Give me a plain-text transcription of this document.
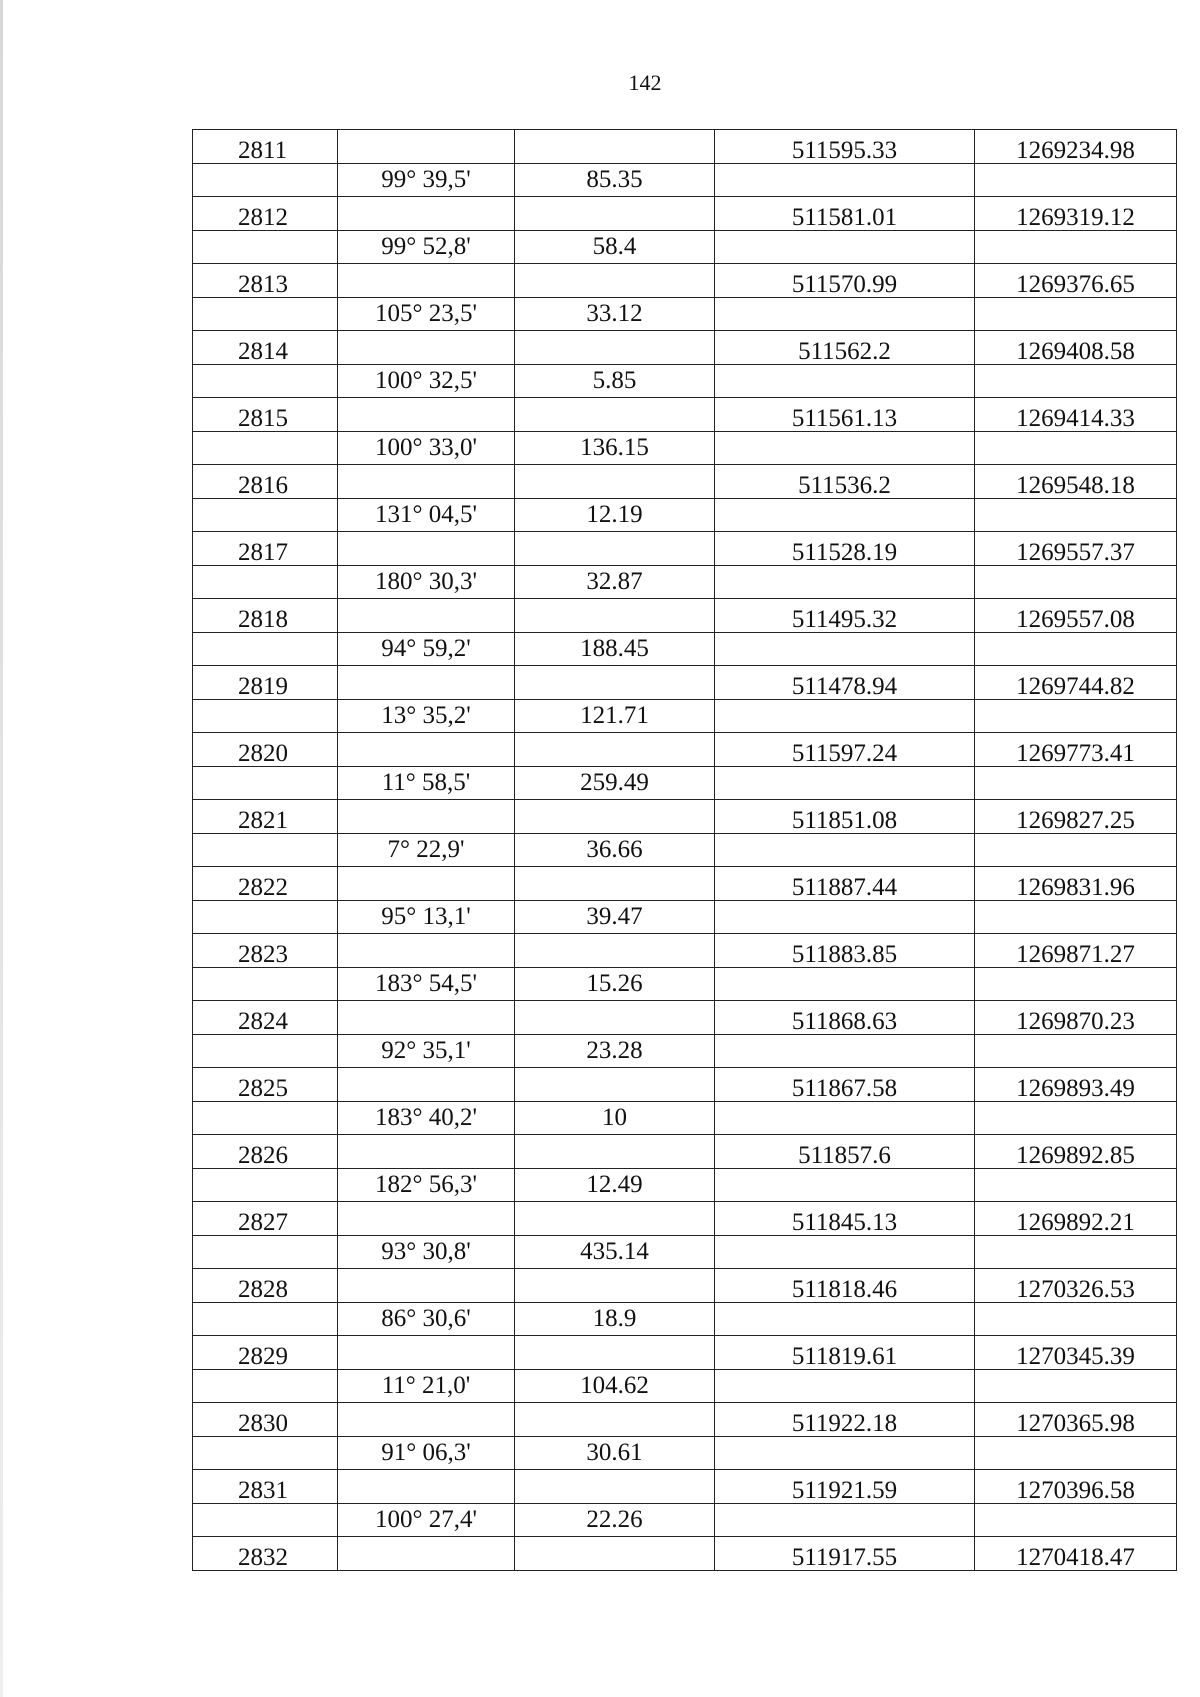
142
2811			511595.33	1269234.98
	99° 39,5'	85.35		
2812			511581.01	1269319.12
	99° 52,8'	58.4		
2813			511570.99	1269376.65
	105° 23,5'	33.12		
2814			511562.2	1269408.58
	100° 32,5'	5.85		
2815			511561.13	1269414.33
	100° 33,0'	136.15		
2816			511536.2	1269548.18
	131° 04,5'	12.19		
2817			511528.19	1269557.37
	180° 30,3'	32.87		
2818			511495.32	1269557.08
	94° 59,2'	188.45		
2819			511478.94	1269744.82
	13° 35,2'	121.71		
2820			511597.24	1269773.41
	11° 58,5'	259.49		
2821			511851.08	1269827.25
	7° 22,9'	36.66		
2822			511887.44	1269831.96
	95° 13,1'	39.47		
2823			511883.85	1269871.27
	183° 54,5'	15.26		
2824			511868.63	1269870.23
	92° 35,1'	23.28		
2825			511867.58	1269893.49
	183° 40,2'	10		
2826			511857.6	1269892.85
	182° 56,3'	12.49		
2827			511845.13	1269892.21
	93° 30,8'	435.14		
2828			511818.46	1270326.53
	86° 30,6'	18.9		
2829			511819.61	1270345.39
	11° 21,0'	104.62		
2830			511922.18	1270365.98
	91° 06,3'	30.61		
2831			511921.59	1270396.58
	100° 27,4'	22.26		
2832			511917.55	1270418.47
